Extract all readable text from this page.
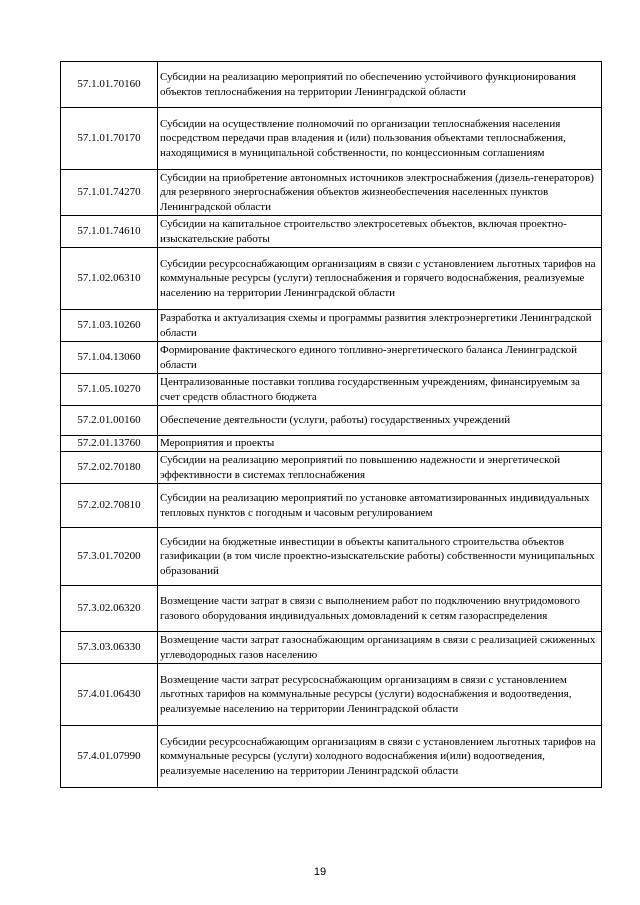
57.1.01.70160	Субсидии на реализацию мероприятий по обеспечению устойчивого функционирования объектов теплоснабжения на территории Ленинградской области
57.1.01.70170	Субсидии на осуществление полномочий по организации теплоснабжения населения посредством передачи прав владения и (или) пользования объектами теплоснабжения, находящимися в муниципальной собственности, по концессионным соглашениям
57.1.01.74270	Субсидии на приобретение автономных источников электроснабжения (дизель-генераторов) для резервного энергоснабжения объектов жизнеобеспечения населенных пунктов Ленинградской области
57.1.01.74610	Субсидии на капитальное строительство электросетевых объектов, включая проектно-изыскательские работы
57.1.02.06310	Субсидии ресурсоснабжающим организациям в связи с установлением льготных тарифов на коммунальные ресурсы (услуги) теплоснабжения и горячего водоснабжения, реализуемые населению на территории Ленинградской области
57.1.03.10260	Разработка и актуализация схемы и программы развития электроэнергетики Ленинградской области
57.1.04.13060	Формирование фактического единого топливно-энергетического баланса Ленинградской области
57.1.05.10270	Централизованные поставки топлива государственным учреждениям, финансируемым за счет средств областного бюджета
57.2.01.00160	Обеспечение деятельности (услуги, работы) государственных учреждений
57.2.01.13760	Мероприятия и проекты
57.2.02.70180	Субсидии на реализацию мероприятий по повышению надежности и энергетической эффективности в системах теплоснабжения
57.2.02.70810	Субсидии на реализацию мероприятий по установке автоматизированных индивидуальных тепловых пунктов с погодным и часовым регулированием
57.3.01.70200	Субсидии на бюджетные инвестиции в объекты капитального строительства объектов газификации (в том числе проектно-изыскательские работы) собственности муниципальных образований
57.3.02.06320	Возмещение части затрат в связи с выполнением работ по подключению внутридомового газового оборудования индивидуальных домовладений к сетям газораспределения
57.3.03.06330	Возмещение части затрат газоснабжающим организациям в связи с реализацией сжиженных углеводородных газов населению
57.4.01.06430	Возмещение части затрат ресурсоснабжающим организациям в связи с установлением льготных тарифов на коммунальные ресурсы (услуги) водоснабжения и водоотведения, реализуемые населению на территории Ленинградской области
57.4.01.07990	Субсидии ресурсоснабжающим организациям в связи с установлением льготных тарифов на коммунальные ресурсы (услуги) холодного водоснабжения и(или) водоотведения, реализуемые населению на территории Ленинградской области
19
